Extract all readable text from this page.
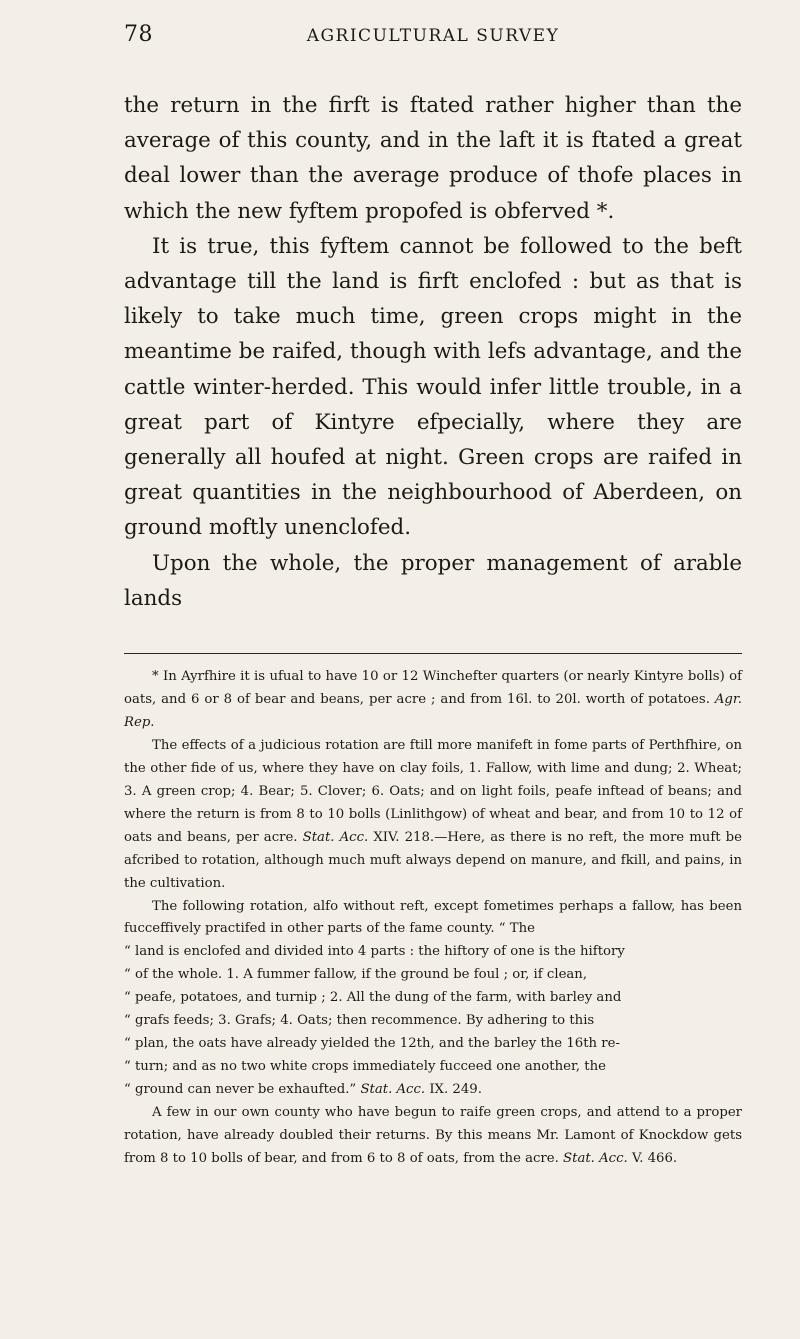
78	AGRICULTURAL SURVEY

the return in the firft is ftated rather higher than the average of this county, and in the laft it is ftated a great deal lower than the average produce of thofe places in which the new fyftem propofed is obferved *.

It is true, this fyftem cannot be followed to the beft advantage till the land is firft enclofed : but as that is likely to take much time, green crops might in the meantime be raifed, though with lefs advantage, and the cattle winter-herded. This would infer little trouble, in a great part of Kintyre efpecially, where they are generally all houfed at night. Green crops are raifed in great quantities in the neighbourhood of Aberdeen, on ground moftly unenclofed.

Upon the whole, the proper management of arable lands

* In Ayrfhire it is ufual to have 10 or 12 Winchefter quarters (or nearly Kintyre bolls) of oats, and 6 or 8 of bear and beans, per acre ; and from 16l. to 20l. worth of potatoes. Agr. Rep.

The effects of a judicious rotation are ftill more manifeft in fome parts of Perthfhire, on the other fide of us, where they have on clay foils, 1. Fallow, with lime and dung; 2. Wheat; 3. A green crop; 4. Bear; 5. Clover; 6. Oats; and on light foils, peafe inftead of beans; and where the return is from 8 to 10 bolls (Linlithgow) of wheat and bear, and from 10 to 12 of oats and beans, per acre. Stat. Acc. XIV. 218.—Here, as there is no reft, the more muft be afcribed to rotation, although much muft always depend on manure, and fkill, and pains, in the cultivation.

The following rotation, alfo without reft, except fometimes perhaps a fallow, has been fucceffively practifed in other parts of the fame county. “ The

“ land is enclofed and divided into 4 parts : the hiftory of one is the hiftory

“ of the whole. 1. A fummer fallow, if the ground be foul ; or, if clean,

“ peafe, potatoes, and turnip ; 2. All the dung of the farm, with barley and

“ grafs feeds; 3. Grafs; 4. Oats; then recommence. By adhering to this

“ plan, the oats have already yielded the 12th, and the barley the 16th re-

“ turn; and as no two white crops immediately fucceed one another, the

“ ground can never be exhaufted.” Stat. Acc. IX. 249.

A few in our own county who have begun to raife green crops, and attend to a proper rotation, have already doubled their returns. By this means Mr. Lamont of Knockdow gets from 8 to 10 bolls of bear, and from 6 to 8 of oats, from the acre. Stat. Acc. V. 466.
